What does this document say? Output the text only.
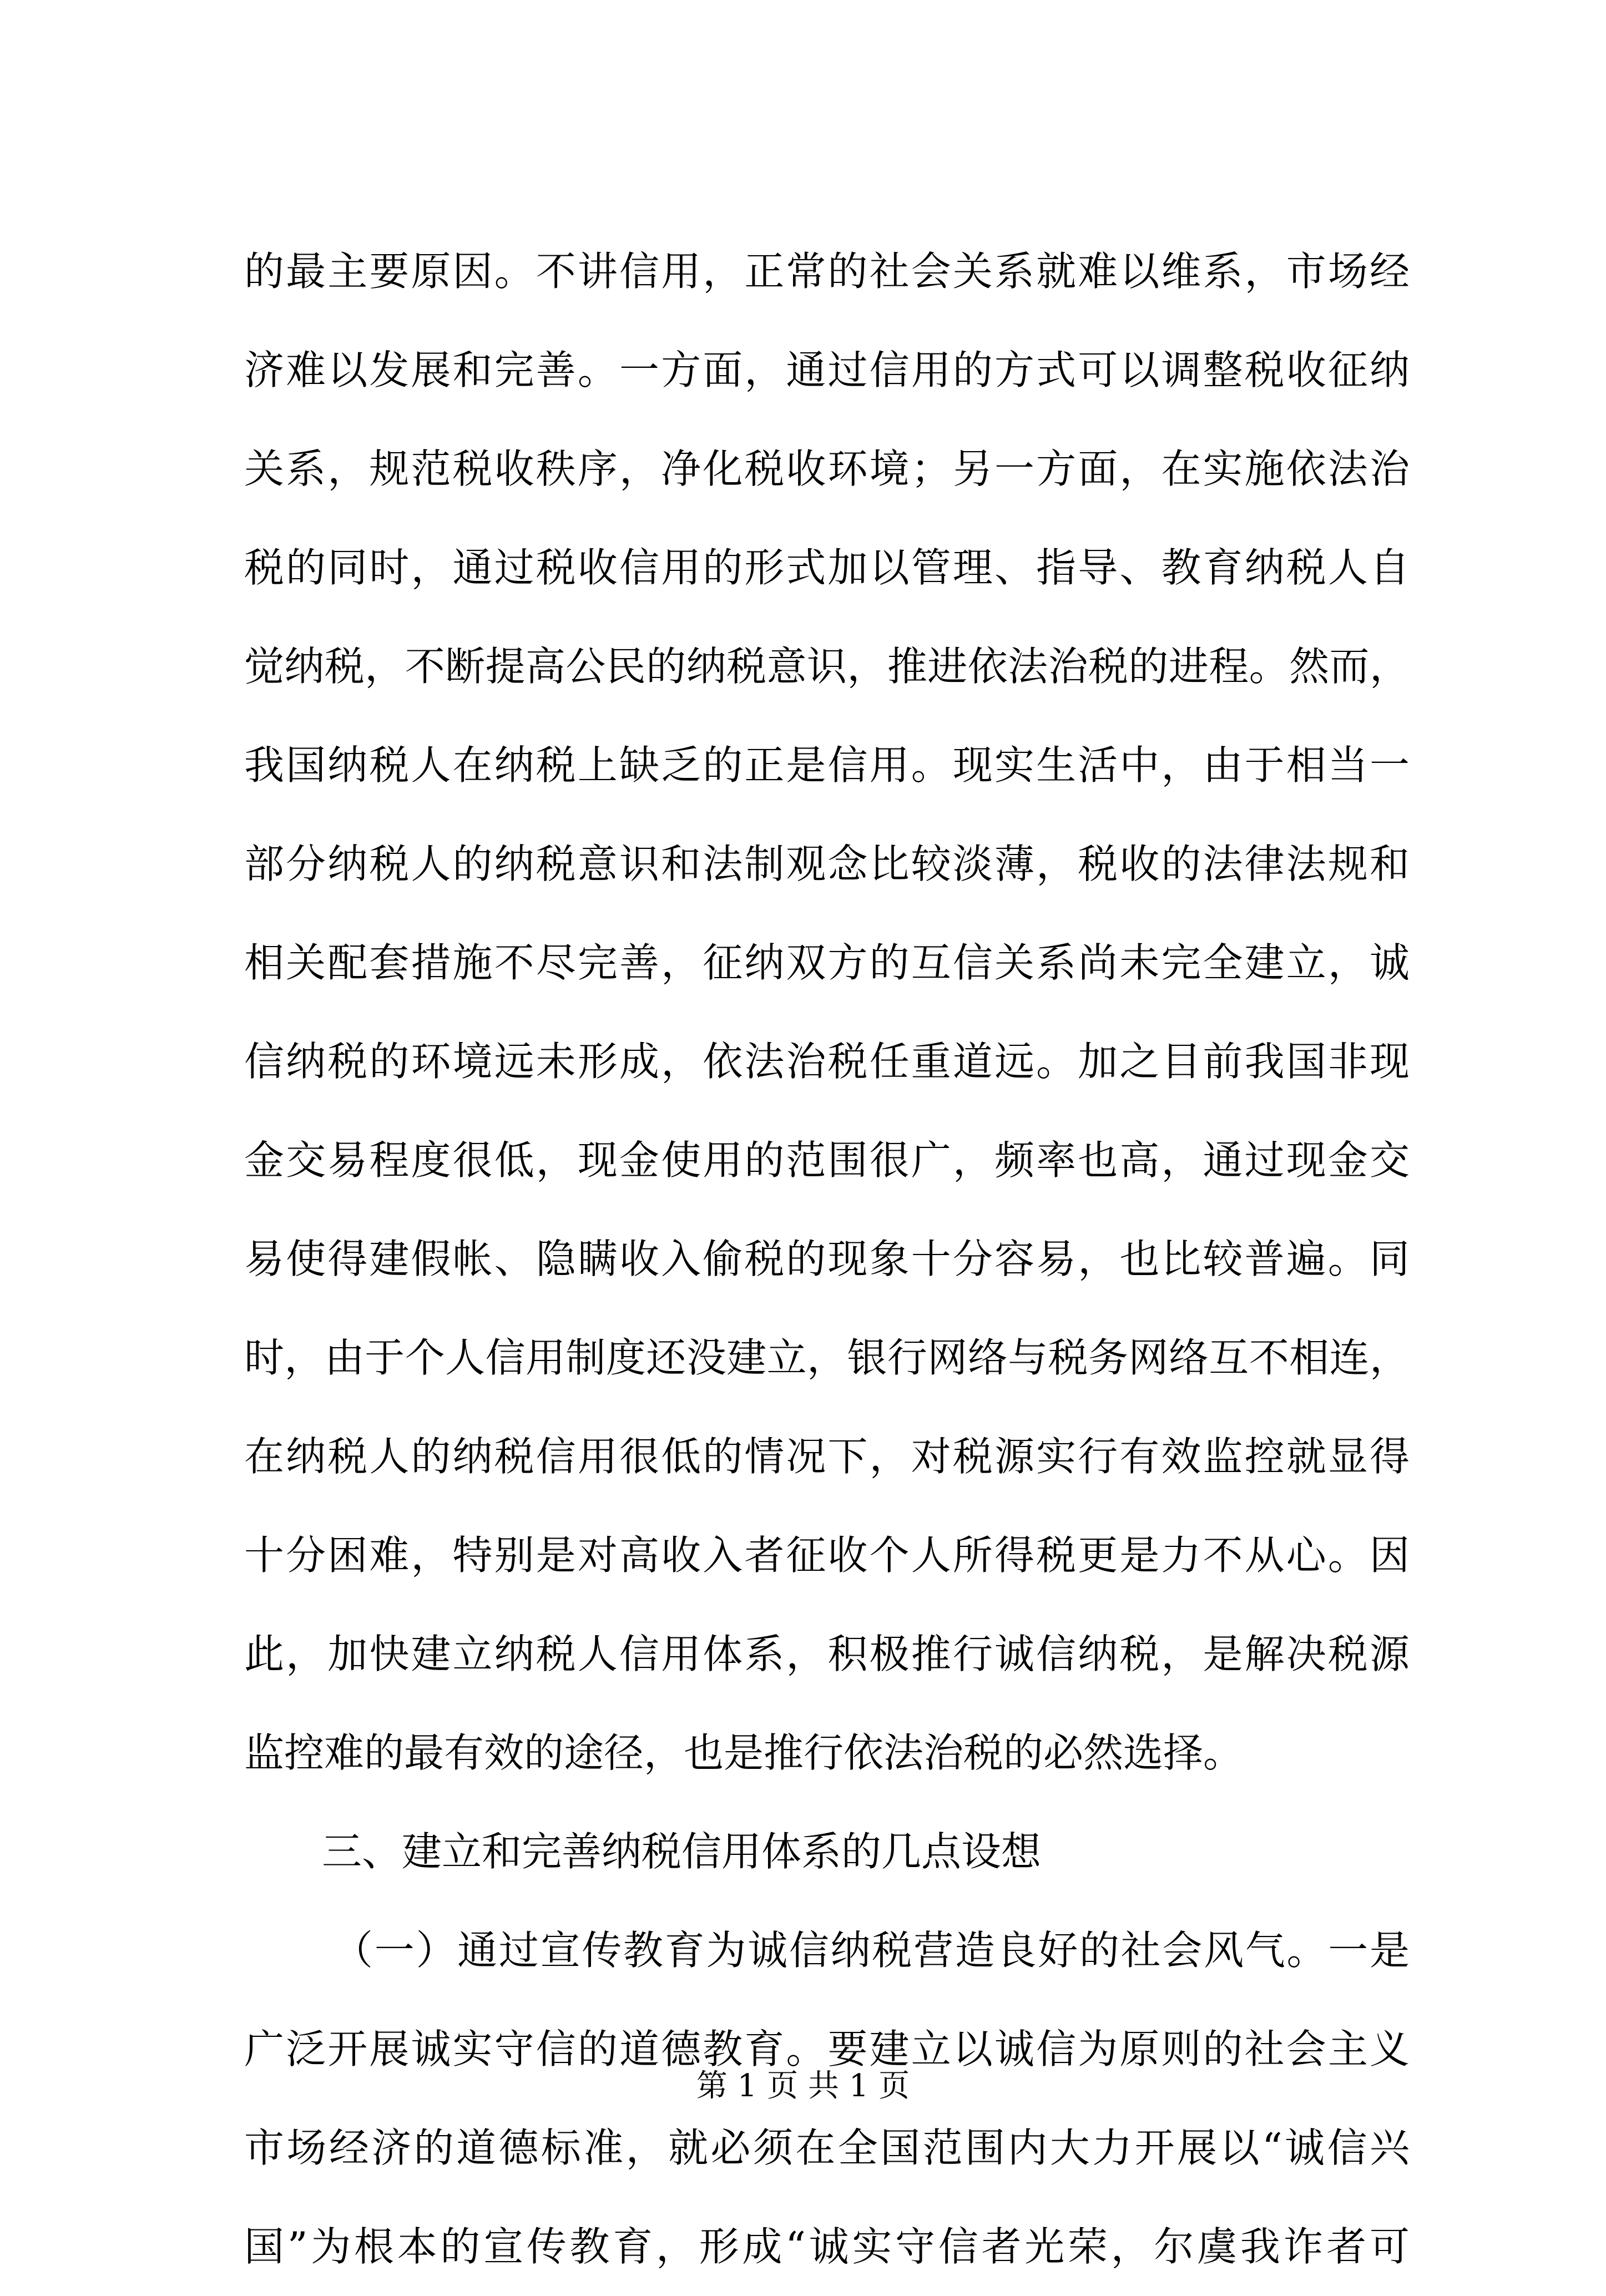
的最主要原因。不讲信用，正常的社会关系就难以维系，市场经
济难以发展和完善。一方面，通过信用的方式可以调整税收征纳
关系，规范税收秩序，净化税收环境；另一方面，在实施依法治
税的同时，通过税收信用的形式加以管理、指导、教育纳税人自
觉纳税，不断提高公民的纳税意识，推进依法治税的进程。然而，
我国纳税人在纳税上缺乏的正是信用。现实生活中，由于相当一
部分纳税人的纳税意识和法制观念比较淡薄，税收的法律法规和
相关配套措施不尽完善，征纳双方的互信关系尚未完全建立，诚
信纳税的环境远未形成，依法治税任重道远。加之目前我国非现
金交易程度很低，现金使用的范围很广，频率也高，通过现金交
易使得建假帐、隐瞒收入偷税的现象十分容易，也比较普遍。同
时，由于个人信用制度还没建立，银行网络与税务网络互不相连，
在纳税人的纳税信用很低的情况下，对税源实行有效监控就显得
十分困难，特别是对高收入者征收个人所得税更是力不从心。因
此，加快建立纳税人信用体系，积极推行诚信纳税，是解决税源
监控难的最有效的途径，也是推行依法治税的必然选择。
三、建立和完善纳税信用体系的几点设想
（一）通过宣传教育为诚信纳税营造良好的社会风气。一是
广泛开展诚实守信的道德教育。要建立以诚信为原则的社会主义
市场经济的道德标准，就必须在全国范围内大力开展以“诚信兴
国”为根本的宣传教育，形成“诚实守信者光荣，尔虞我诈者可
第 1 页 共 1 页
